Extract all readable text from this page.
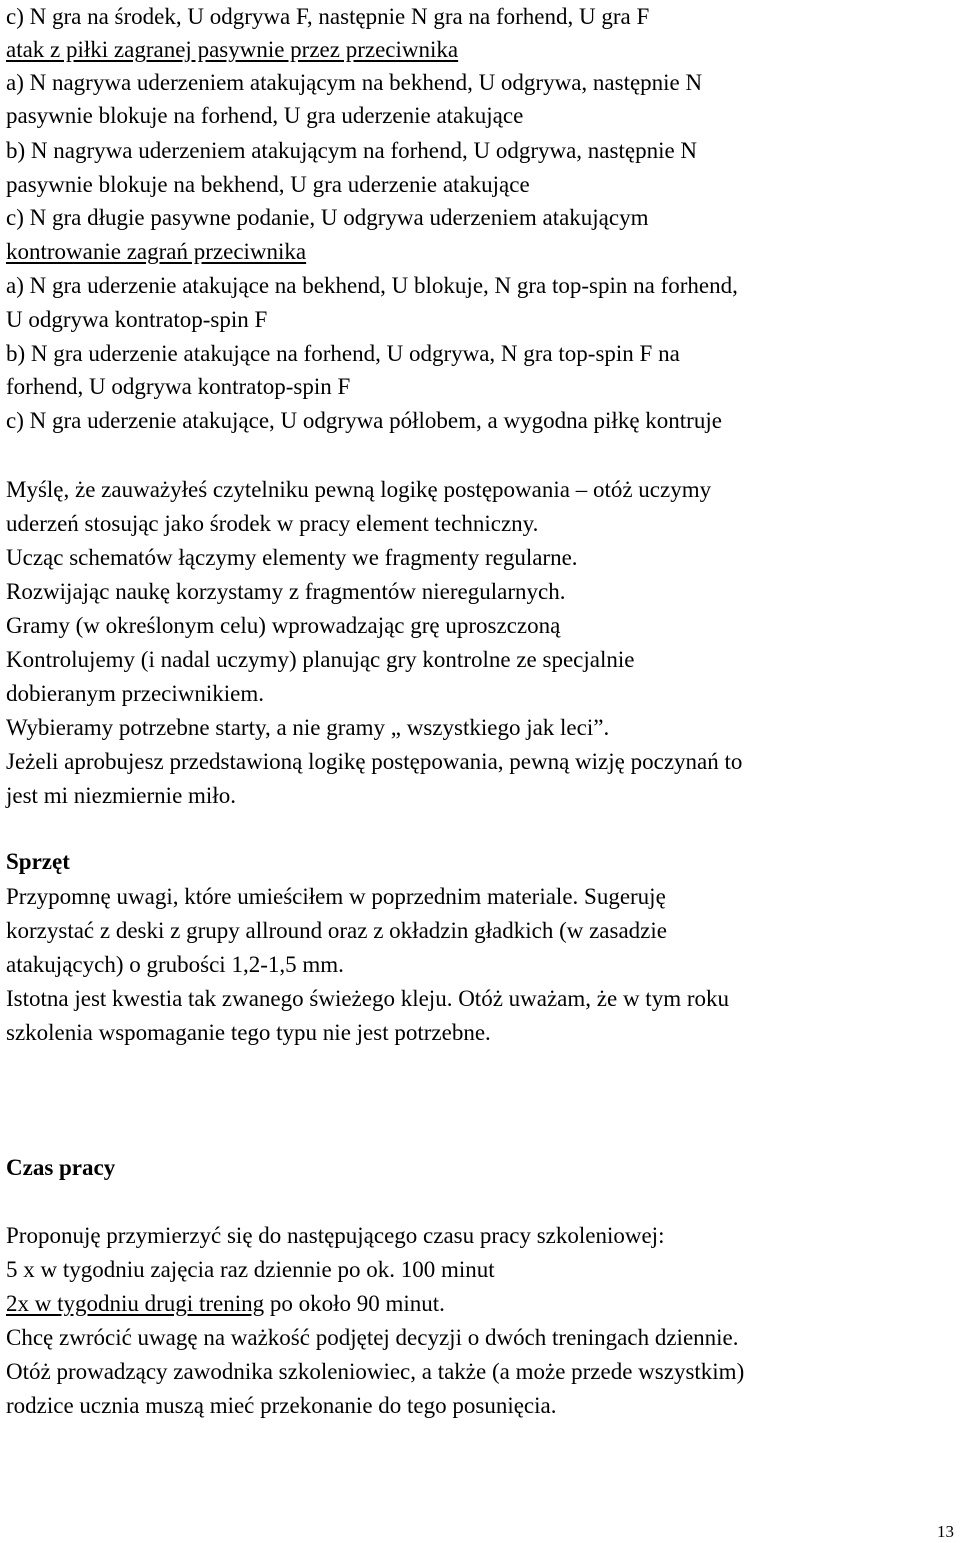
c) N gra na środek, U odgrywa F, następnie N gra na forhend, U gra F
atak z piłki zagranej pasywnie przez przeciwnika
a) N nagrywa uderzeniem atakującym na bekhend, U odgrywa, następnie N
pasywnie blokuje na forhend, U gra uderzenie atakujące
b) N nagrywa uderzeniem atakującym na forhend, U odgrywa, następnie N
pasywnie blokuje na bekhend, U gra uderzenie atakujące
c) N gra długie pasywne podanie, U odgrywa uderzeniem atakującym
kontrowanie zagrań przeciwnika
a) N gra uderzenie atakujące na bekhend, U blokuje, N gra top-spin na forhend,
U odgrywa kontratop-spin F
b) N gra uderzenie atakujące na forhend, U odgrywa, N gra top-spin F na
forhend, U odgrywa kontratop-spin F
c) N gra uderzenie atakujące, U odgrywa półlobem, a wygodna piłkę kontruje
Myślę, że zauważyłeś czytelniku pewną logikę postępowania – otóż uczymy
uderzeń stosując jako środek w pracy element techniczny.
Ucząc schematów łączymy elementy we fragmenty regularne.
Rozwijając naukę korzystamy z fragmentów nieregularnych.
Gramy (w określonym celu) wprowadzając grę uproszczoną
Kontrolujemy (i nadal uczymy) planując gry kontrolne ze specjalnie
dobieranym przeciwnikiem.
Wybieramy potrzebne starty, a nie gramy „ wszystkiego jak leci”.
Jeżeli aprobujesz przedstawioną logikę postępowania, pewną wizję poczynań to
jest mi niezmiernie miło.
Sprzęt
Przypomnę uwagi, które umieściłem w poprzednim materiale. Sugeruję
korzystać z deski z grupy allround oraz z okładzin gładkich (w zasadzie
atakujących) o grubości 1,2-1,5 mm.
Istotna jest kwestia tak zwanego świeżego kleju. Otóż uważam, że w tym roku
szkolenia wspomaganie tego typu nie jest potrzebne.
Czas pracy
Proponuję przymierzyć się do następującego czasu pracy szkoleniowej:
5 x w tygodniu zajęcia raz dziennie po ok. 100 minut
2x w tygodniu drugi trening po około 90 minut.
Chcę zwrócić uwagę na ważkość podjętej decyzji o dwóch treningach dziennie.
Otóż prowadzący zawodnika szkoleniowiec, a także (a może przede wszystkim)
rodzice ucznia muszą mieć przekonanie do tego posunięcia.
13
